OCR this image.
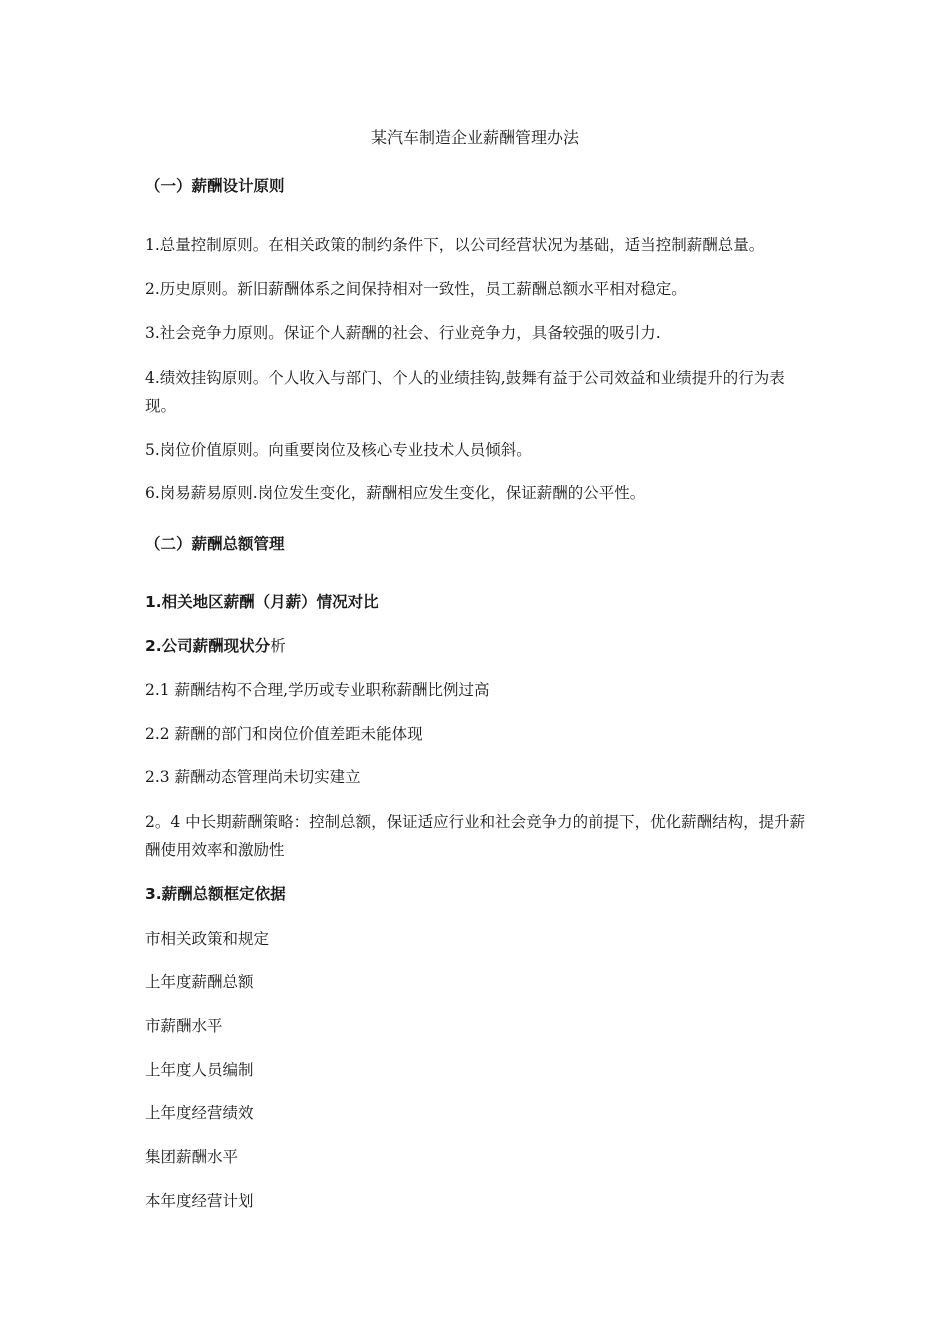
某汽车制造企业薪酬管理办法
（一）薪酬设计原则
1.总量控制原则。在相关政策的制约条件下，以公司经营状况为基础，适当控制薪酬总量。
2.历史原则。新旧薪酬体系之间保持相对一致性，员工薪酬总额水平相对稳定。
3.社会竞争力原则。保证个人薪酬的社会、行业竞争力，具备较强的吸引力.
4.绩效挂钩原则。个人收入与部门、个人的业绩挂钩,鼓舞有益于公司效益和业绩提升的行为表现。
5.岗位价值原则。向重要岗位及核心专业技术人员倾斜。
6.岗易薪易原则.岗位发生变化，薪酬相应发生变化，保证薪酬的公平性。
（二）薪酬总额管理
1.相关地区薪酬（月薪）情况对比
2.公司薪酬现状分析
2.1 薪酬结构不合理,学历或专业职称薪酬比例过高
2.2 薪酬的部门和岗位价值差距未能体现
2.3 薪酬动态管理尚未切实建立
2。4 中长期薪酬策略：控制总额，保证适应行业和社会竞争力的前提下，优化薪酬结构，提升薪酬使用效率和激励性
3.薪酬总额框定依据
市相关政策和规定
上年度薪酬总额
市薪酬水平
上年度人员编制
上年度经营绩效
集团薪酬水平
本年度经营计划
